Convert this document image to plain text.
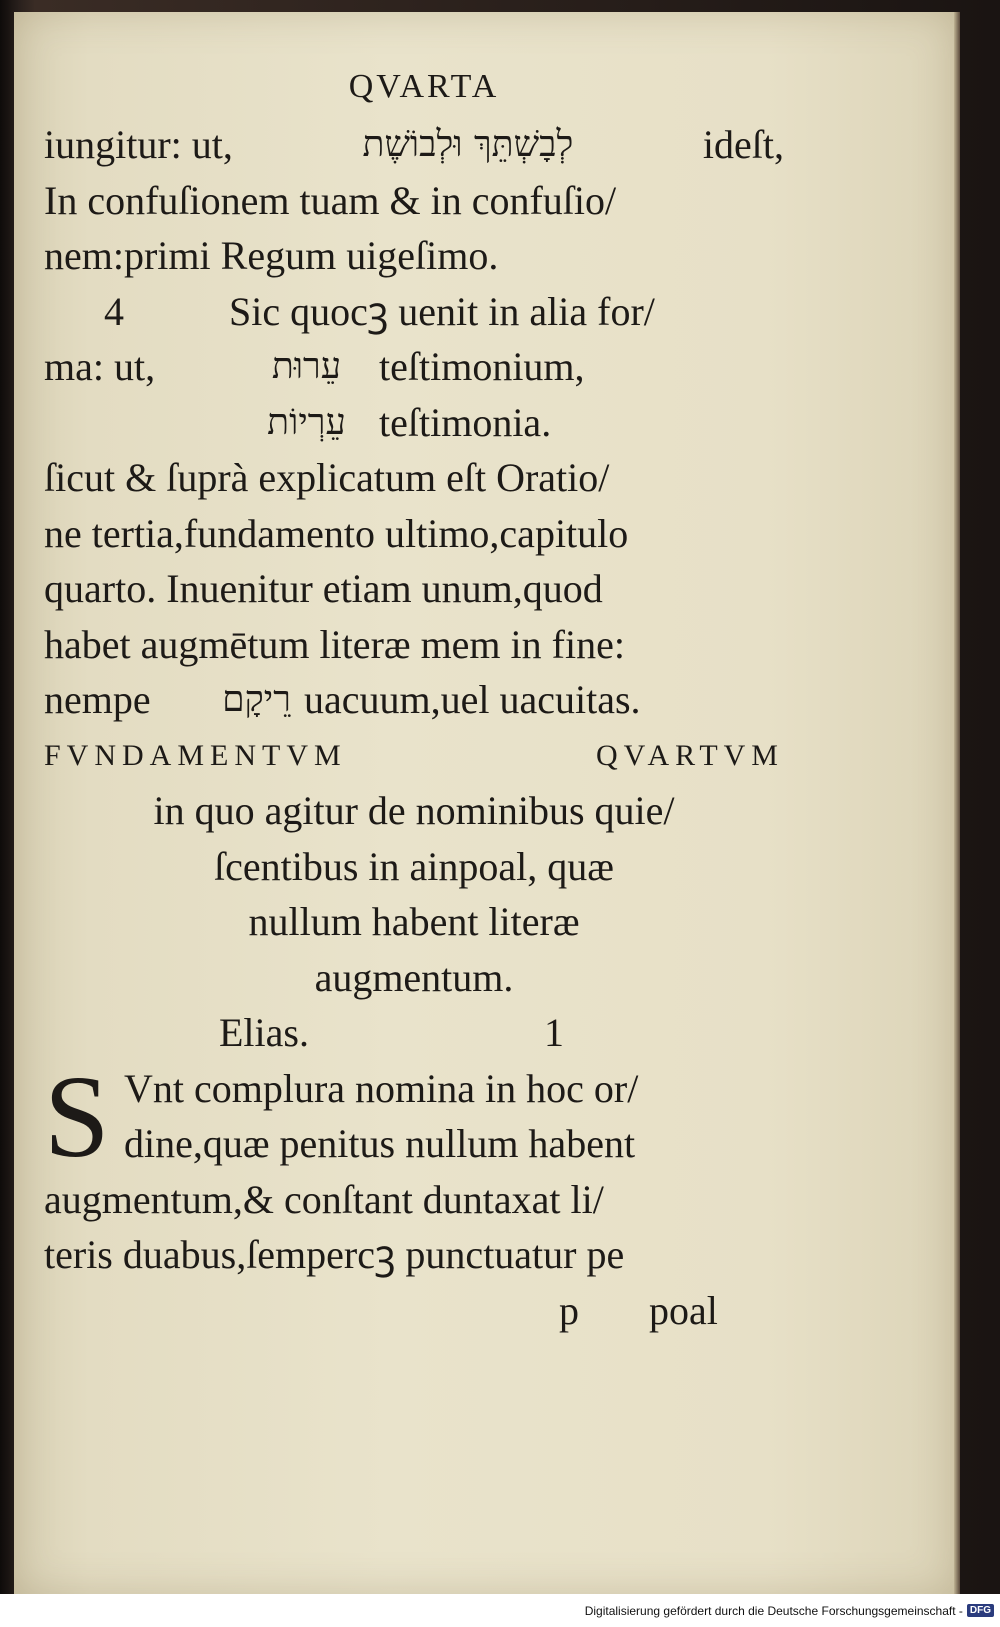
QVARTA
iungitur: ut,	לְבָשְׁתֵּךְ וּלְבוֹשֶׁת	ideſt,
In confuſionem tuam & in confuſio/
nem:primi Regum uigeſimo.
4	Sic quocꝫ uenit in alia for/
ma: ut,	עֵרוּת teſtimonium,
עֵרְיוֹת teſtimonia.
ſicut & ſuprà explicatum eſt Oratio/
ne tertia,fundamento ultimo,capitulo
quarto. Inuenitur etiam unum,quod
habet augmētum literæ mem in fine:
nempe	רֵיקָם uacuum,uel uacuitas.
FVNDAMENTVM	QVARTVM
in quo agitur de nominibus quie/
ſcentibus in ainpoal, quæ
nullum habent literæ
augmentum.
Elias.	1
S Vnt complura nomina in hoc or/
dine,quæ penitus nullum habent
augmentum,& conſtant duntaxat li/
teris duabus,ſempercꝫ punctuatur pe
p poal
Digitalisierung gefördert durch die Deutsche Forschungsgemeinschaft - DFG
